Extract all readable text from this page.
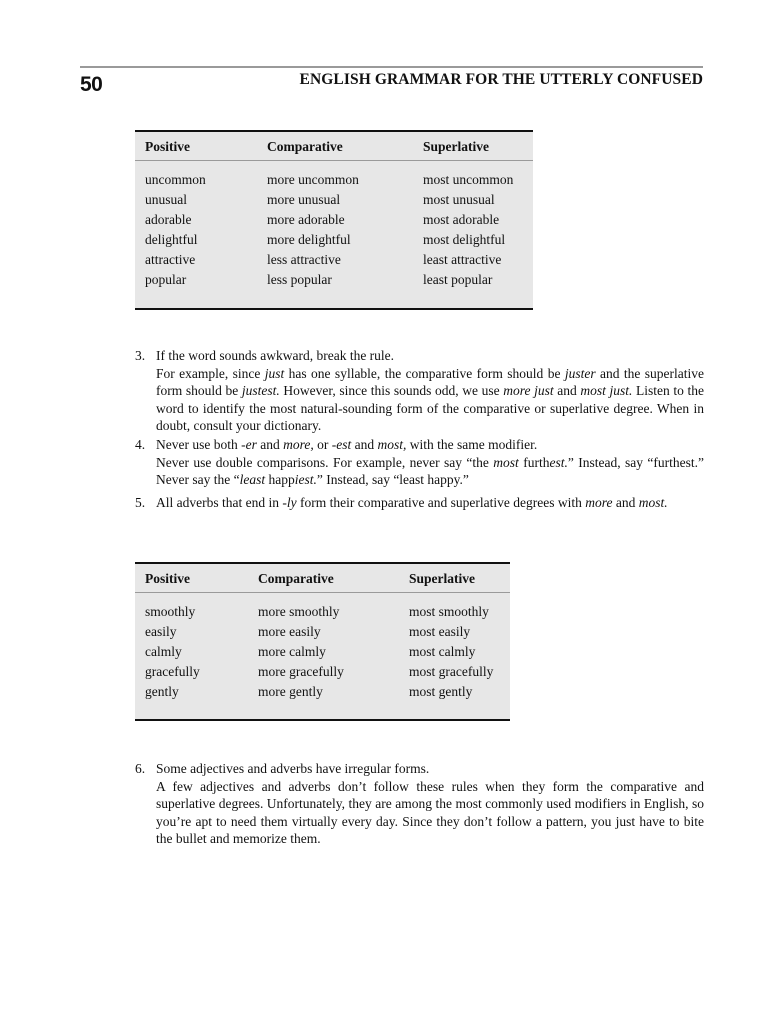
50	ENGLISH GRAMMAR FOR THE UTTERLY CONFUSED
Positive	Comparative	Superlative
uncommon	more uncommon	most uncommon
unusual	more unusual	most unusual
adorable	more adorable	most adorable
delightful	more delightful	most delightful
attractive	less attractive	least attractive
popular	less popular	least popular
3. If the word sounds awkward, break the rule.
For example, since just has one syllable, the comparative form should be juster and the superlative form should be justest. However, since this sounds odd, we use more just and most just. Listen to the word to identify the most natural-sounding form of the comparative or superlative degree. When in doubt, consult your dictionary.
4. Never use both -er and more, or -est and most, with the same modifier.
Never use double comparisons. For example, never say “the most furthest.” Instead, say “furthest.” Never say the “least happiest.” Instead, say “least happy.”
5. All adverbs that end in -ly form their comparative and superlative degrees with more and most.
Positive	Comparative	Superlative
smoothly	more smoothly	most smoothly
easily	more easily	most easily
calmly	more calmly	most calmly
gracefully	more gracefully	most gracefully
gently	more gently	most gently
6. Some adjectives and adverbs have irregular forms.
A few adjectives and adverbs don’t follow these rules when they form the comparative and superlative degrees. Unfortunately, they are among the most commonly used modifiers in English, so you’re apt to need them virtually every day. Since they don’t follow a pattern, you just have to bite the bullet and memorize them.
